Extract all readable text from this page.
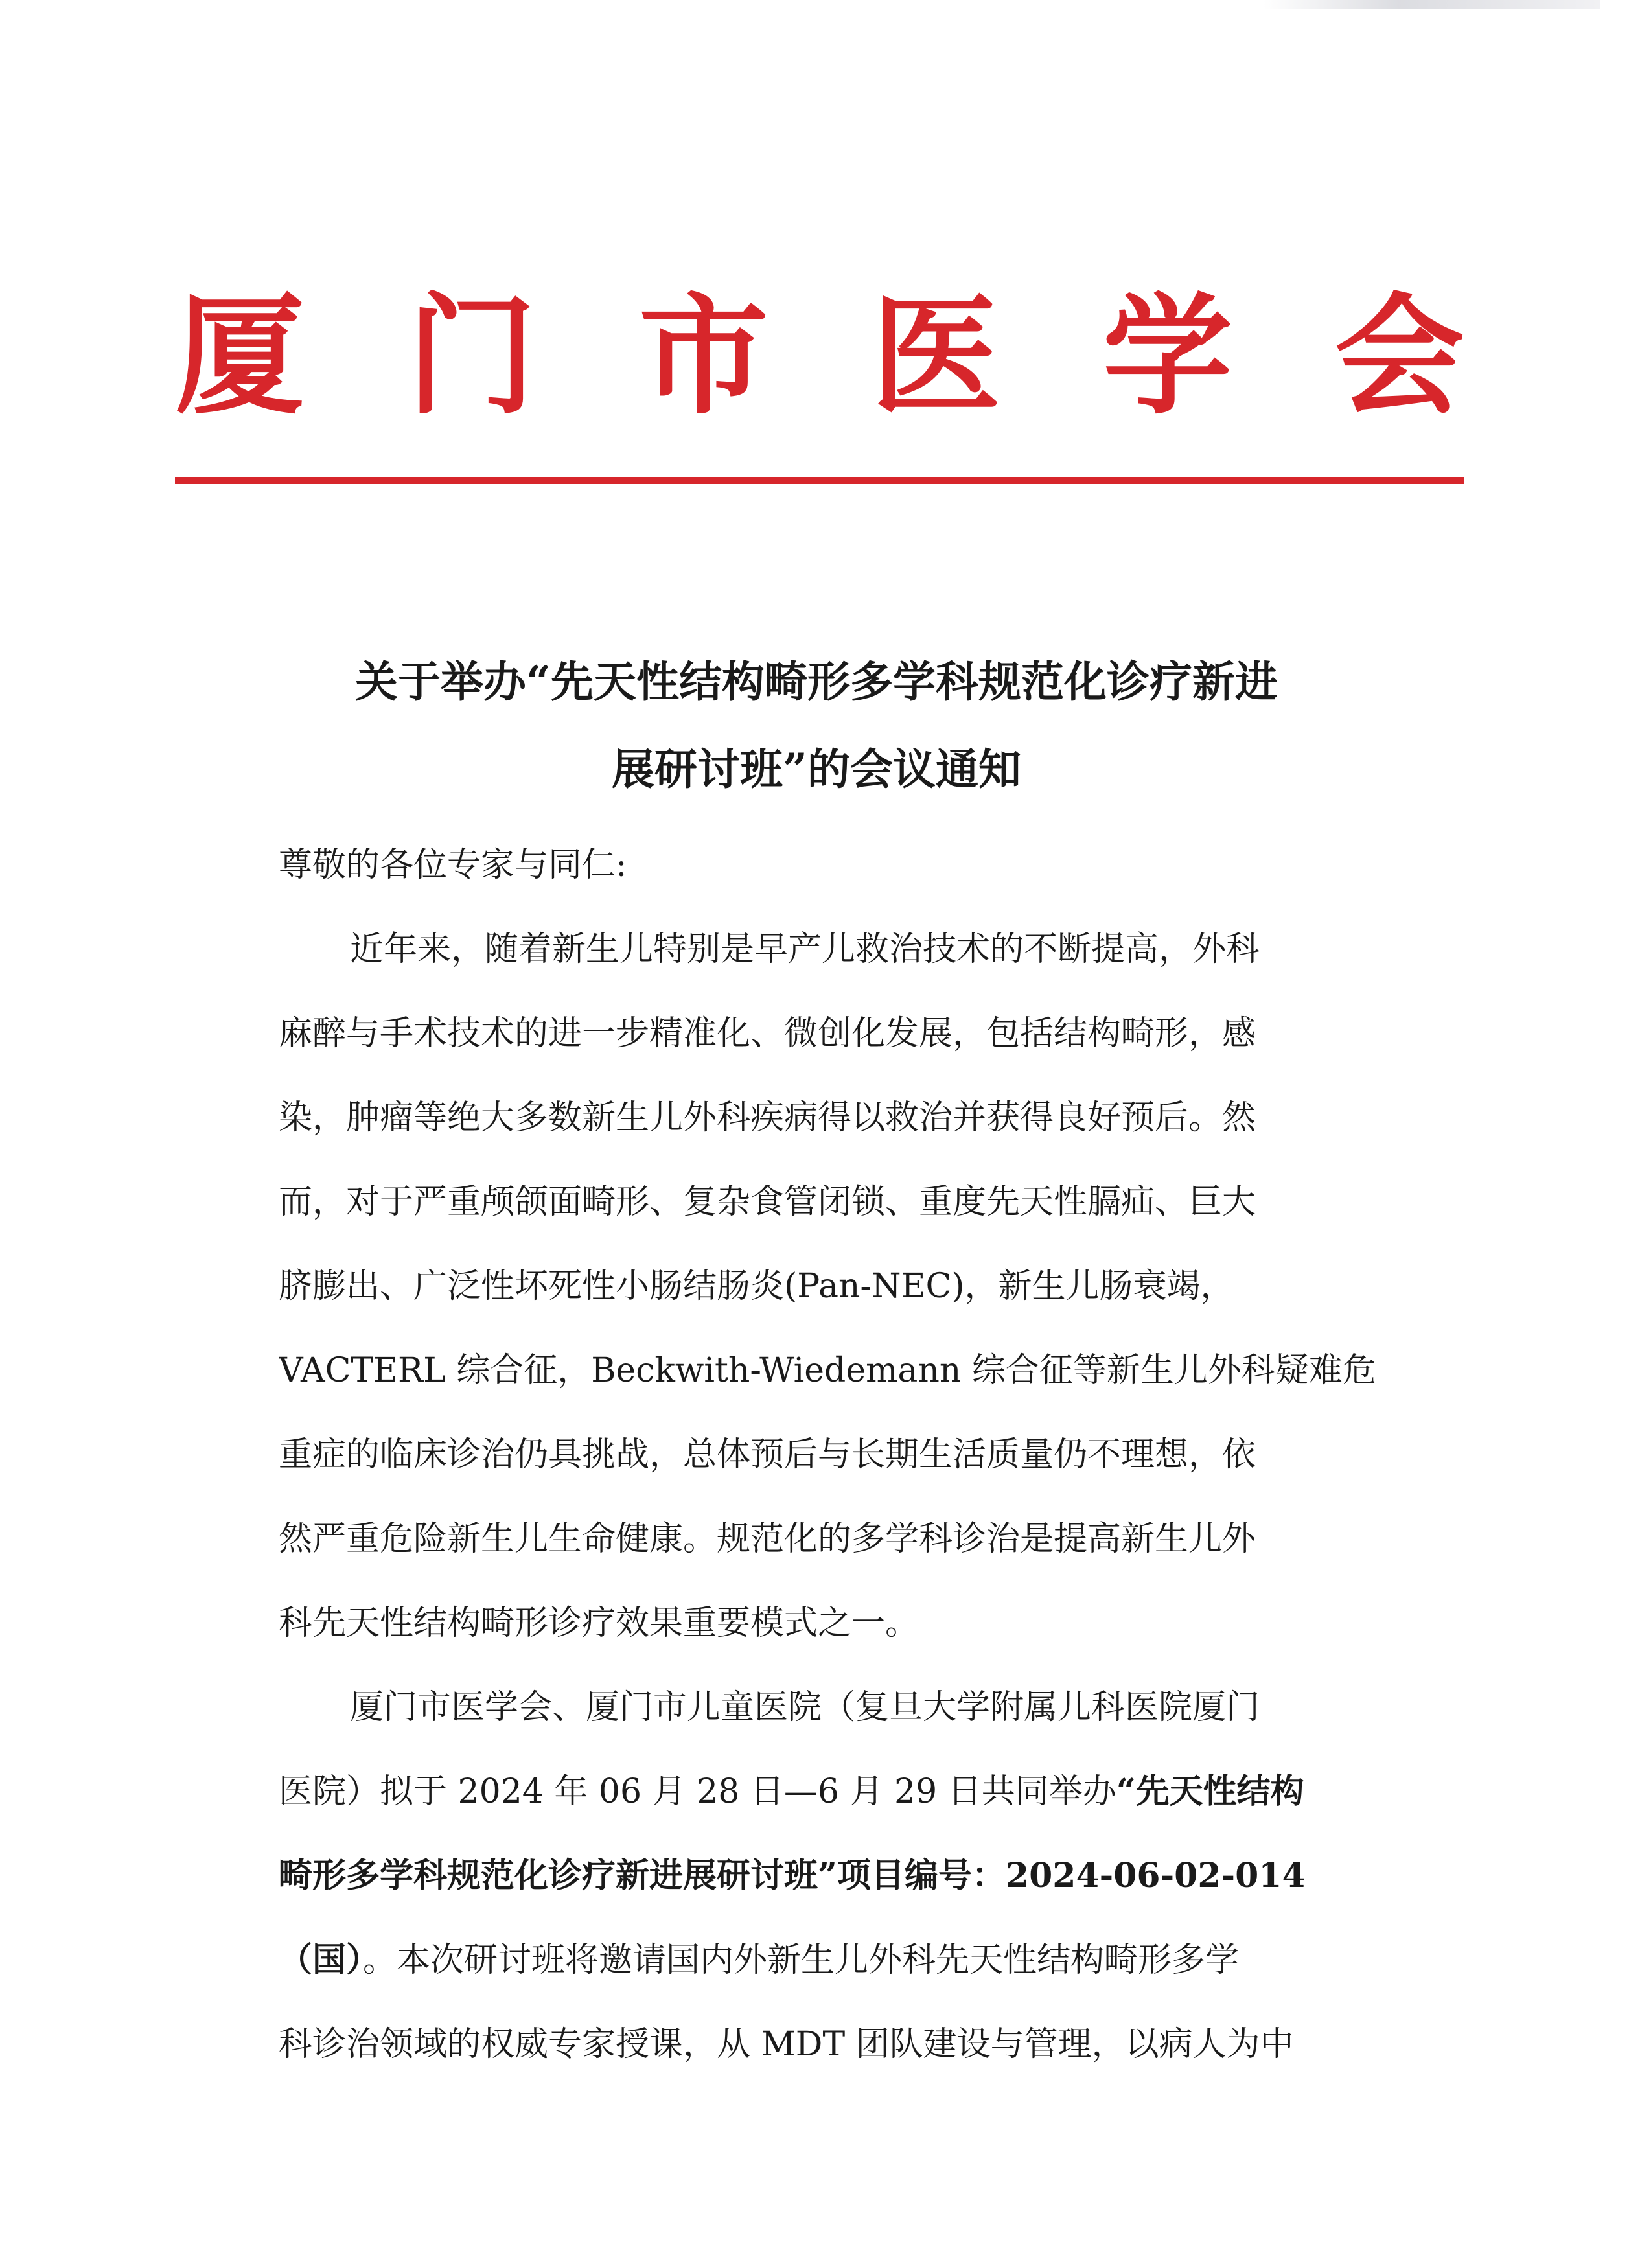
厦 门 市 医 学 会
关于举办“先天性结构畸形多学科规范化诊疗新进
展研讨班”的会议通知
尊敬的各位专家与同仁:
近年来，随着新生儿特别是早产儿救治技术的不断提高，外科
麻醉与手术技术的进一步精准化、微创化发展，包括结构畸形，感
染，肿瘤等绝大多数新生儿外科疾病得以救治并获得良好预后。然
而，对于严重颅颌面畸形、复杂食管闭锁、重度先天性膈疝、巨大
脐膨出、广泛性坏死性小肠结肠炎(Pan-NEC)，新生儿肠衰竭，
VACTERL 综合征，Beckwith-Wiedemann 综合征等新生儿外科疑难危
重症的临床诊治仍具挑战，总体预后与长期生活质量仍不理想，依
然严重危险新生儿生命健康。规范化的多学科诊治是提高新生儿外
科先天性结构畸形诊疗效果重要模式之一。
厦门市医学会、厦门市儿童医院（复旦大学附属儿科医院厦门
医院）拟于 2024 年 06 月 28 日—6 月 29 日共同举办“先天性结构
畸形多学科规范化诊疗新进展研讨班”项目编号：2024-06-02-014
（国）。本次研讨班将邀请国内外新生儿外科先天性结构畸形多学
科诊治领域的权威专家授课，从 MDT 团队建设与管理，以病人为中
